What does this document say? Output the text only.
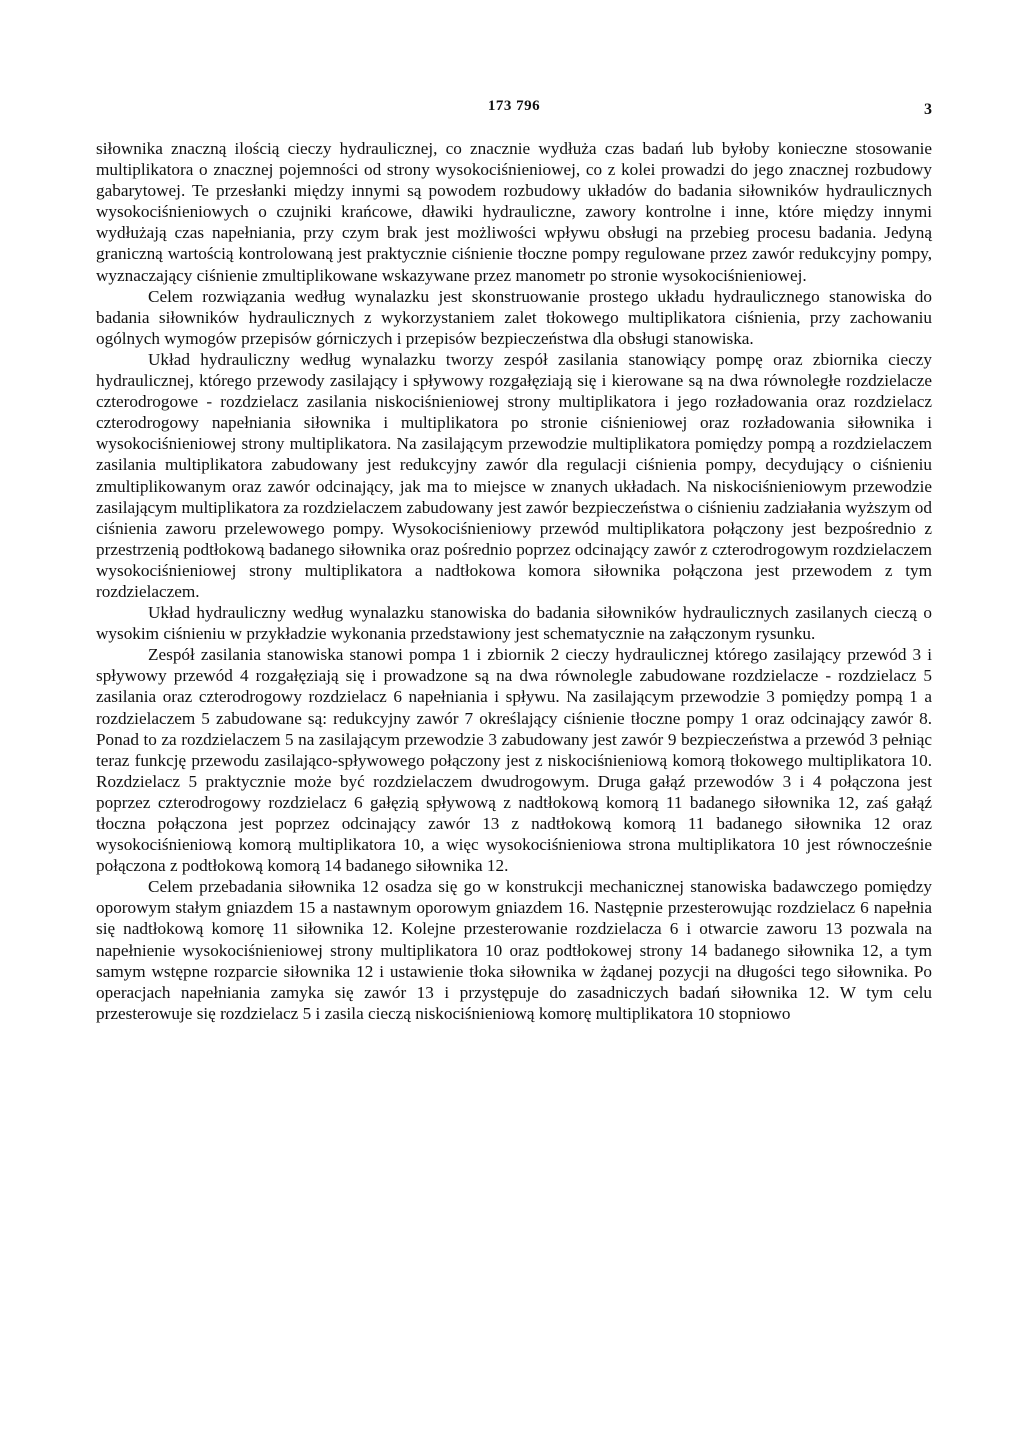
173 796	3

siłownika znaczną ilością cieczy hydraulicznej, co znacznie wydłuża czas badań lub byłoby konieczne stosowanie multiplikatora o znacznej pojemności od strony wysokociśnieniowej, co z kolei prowadzi do jego znacznej rozbudowy gabarytowej. Te przesłanki między innymi są powodem rozbudowy układów do badania siłowników hydraulicznych wysokociśnieniowych o czujniki krańcowe, dławiki hydrauliczne, zawory kontrolne i inne, które między innymi wydłużają czas napełniania, przy czym brak jest możliwości wpływu obsługi na przebieg procesu badania. Jedyną graniczną wartością kontrolowaną jest praktycznie ciśnienie tłoczne pompy regulowane przez zawór redukcyjny pompy, wyznaczający ciśnienie zmultiplikowane wskazywane przez manometr po stronie wysokociśnieniowej.

Celem rozwiązania według wynalazku jest skonstruowanie prostego układu hydraulicznego stanowiska do badania siłowników hydraulicznych z wykorzystaniem zalet tłokowego multiplikatora ciśnienia, przy zachowaniu ogólnych wymogów przepisów górniczych i przepisów bezpieczeństwa dla obsługi stanowiska.

Układ hydrauliczny według wynalazku tworzy zespół zasilania stanowiący pompę oraz zbiornika cieczy hydraulicznej, którego przewody zasilający i spływowy rozgałęziają się i kierowane są na dwa równoległe rozdzielacze czterodrogowe - rozdzielacz zasilania niskociśnieniowej strony multiplikatora i jego rozładowania oraz rozdzielacz czterodrogowy napełniania siłownika i multiplikatora po stronie ciśnieniowej oraz rozładowania siłownika i wysokociśnieniowej strony multiplikatora. Na zasilającym przewodzie multiplikatora pomiędzy pompą a rozdzielaczem zasilania multiplikatora zabudowany jest redukcyjny zawór dla regulacji ciśnienia pompy, decydujący o ciśnieniu zmultiplikowanym oraz zawór odcinający, jak ma to miejsce w znanych układach. Na niskociśnieniowym przewodzie zasilającym multiplikatora za rozdzielaczem zabudowany jest zawór bezpieczeństwa o ciśnieniu zadziałania wyższym od ciśnienia zaworu przelewowego pompy. Wysokociśnieniowy przewód multiplikatora połączony jest bezpośrednio z przestrzenią podtłokową badanego siłownika oraz pośrednio poprzez odcinający zawór z czterodrogowym rozdzielaczem wysokociśnieniowej strony multiplikatora a nadtłokowa komora siłownika połączona jest przewodem z tym rozdzielaczem.

Układ hydrauliczny według wynalazku stanowiska do badania siłowników hydraulicznych zasilanych cieczą o wysokim ciśnieniu w przykładzie wykonania przedstawiony jest schematycznie na załączonym rysunku.

Zespół zasilania stanowiska stanowi pompa 1 i zbiornik 2 cieczy hydraulicznej którego zasilający przewód 3 i spływowy przewód 4 rozgałęziają się i prowadzone są na dwa równolegle zabudowane rozdzielacze - rozdzielacz 5 zasilania oraz czterodrogowy rozdzielacz 6 napełniania i spływu. Na zasilającym przewodzie 3 pomiędzy pompą 1 a rozdzielaczem 5 zabudowane są: redukcyjny zawór 7 określający ciśnienie tłoczne pompy 1 oraz odcinający zawór 8. Ponad to za rozdzielaczem 5 na zasilającym przewodzie 3 zabudowany jest zawór 9 bezpieczeństwa a przewód 3 pełniąc teraz funkcję przewodu zasilająco-spływowego połączony jest z niskociśnieniową komorą tłokowego multiplikatora 10. Rozdzielacz 5 praktycznie może być rozdzielaczem dwudrogowym. Druga gałąź przewodów 3 i 4 połączona jest poprzez czterodrogowy rozdzielacz 6 gałęzią spływową z nadtłokową komorą 11 badanego siłownika 12, zaś gałąź tłoczna połączona jest poprzez odcinający zawór 13 z nadtłokową komorą 11 badanego siłownika 12 oraz wysokociśnieniową komorą multiplikatora 10, a więc wysokociśnieniowa strona multiplikatora 10 jest równocześnie połączona z podtłokową komorą 14 badanego siłownika 12.

Celem przebadania siłownika 12 osadza się go w konstrukcji mechanicznej stanowiska badawczego pomiędzy oporowym stałym gniazdem 15 a nastawnym oporowym gniazdem 16. Następnie przesterowując rozdzielacz 6 napełnia się nadtłokową komorę 11 siłownika 12. Kolejne przesterowanie rozdzielacza 6 i otwarcie zaworu 13 pozwala na napełnienie wysokociśnieniowej strony multiplikatora 10 oraz podtłokowej strony 14 badanego siłownika 12, a tym samym wstępne rozparcie siłownika 12 i ustawienie tłoka siłownika w żądanej pozycji na długości tego siłownika. Po operacjach napełniania zamyka się zawór 13 i przystępuje do zasadniczych badań siłownika 12. W tym celu przesterowuje się rozdzielacz 5 i zasila cieczą niskociśnieniową komorę multiplikatora 10 stopniowo
